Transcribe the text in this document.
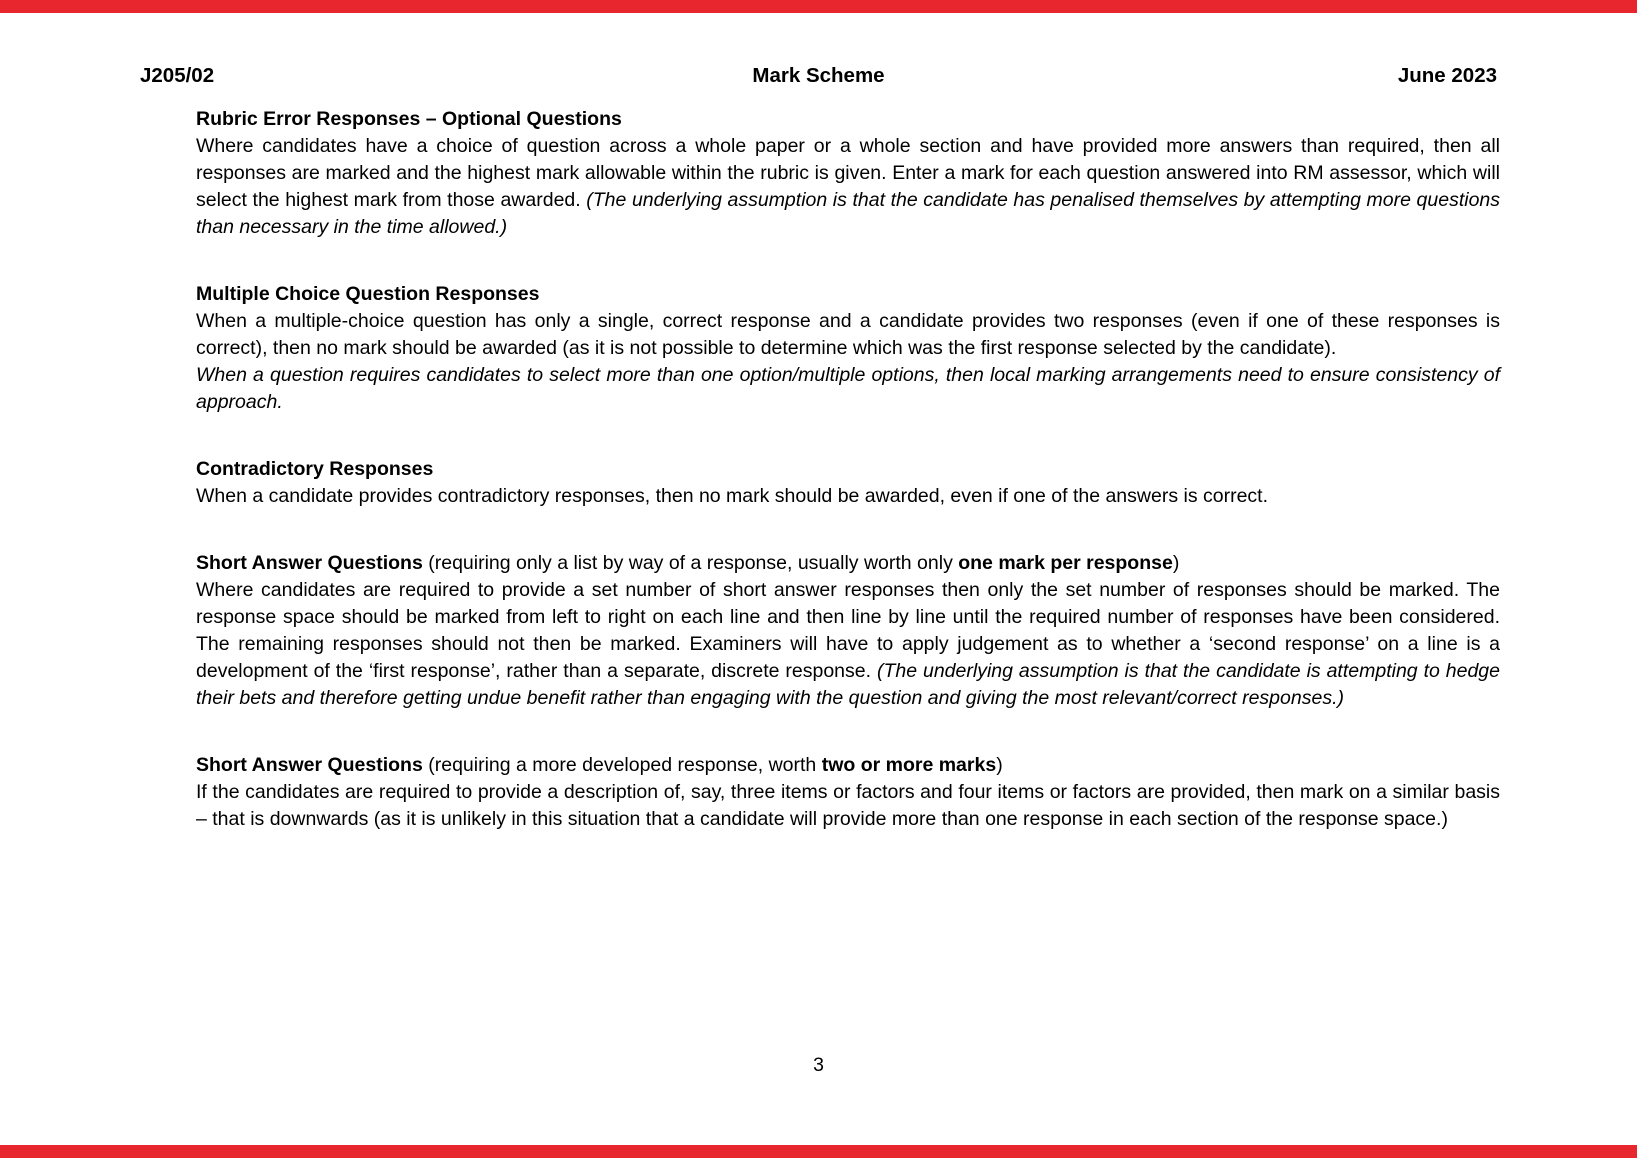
J205/02	Mark Scheme	June 2023
Rubric Error Responses – Optional Questions

Where candidates have a choice of question across a whole paper or a whole section and have provided more answers than required, then all responses are marked and the highest mark allowable within the rubric is given. Enter a mark for each question answered into RM assessor, which will select the highest mark from those awarded. (The underlying assumption is that the candidate has penalised themselves by attempting more questions than necessary in the time allowed.)

Multiple Choice Question Responses

When a multiple-choice question has only a single, correct response and a candidate provides two responses (even if one of these responses is correct), then no mark should be awarded (as it is not possible to determine which was the first response selected by the candidate).

When a question requires candidates to select more than one option/multiple options, then local marking arrangements need to ensure consistency of approach.

Contradictory Responses

When a candidate provides contradictory responses, then no mark should be awarded, even if one of the answers is correct.

Short Answer Questions (requiring only a list by way of a response, usually worth only one mark per response)

Where candidates are required to provide a set number of short answer responses then only the set number of responses should be marked. The response space should be marked from left to right on each line and then line by line until the required number of responses have been considered. The remaining responses should not then be marked. Examiners will have to apply judgement as to whether a ‘second response’ on a line is a development of the ‘first response’, rather than a separate, discrete response. (The underlying assumption is that the candidate is attempting to hedge their bets and therefore getting undue benefit rather than engaging with the question and giving the most relevant/correct responses.)

Short Answer Questions (requiring a more developed response, worth two or more marks)

If the candidates are required to provide a description of, say, three items or factors and four items or factors are provided, then mark on a similar basis – that is downwards (as it is unlikely in this situation that a candidate will provide more than one response in each section of the response space.)

3
